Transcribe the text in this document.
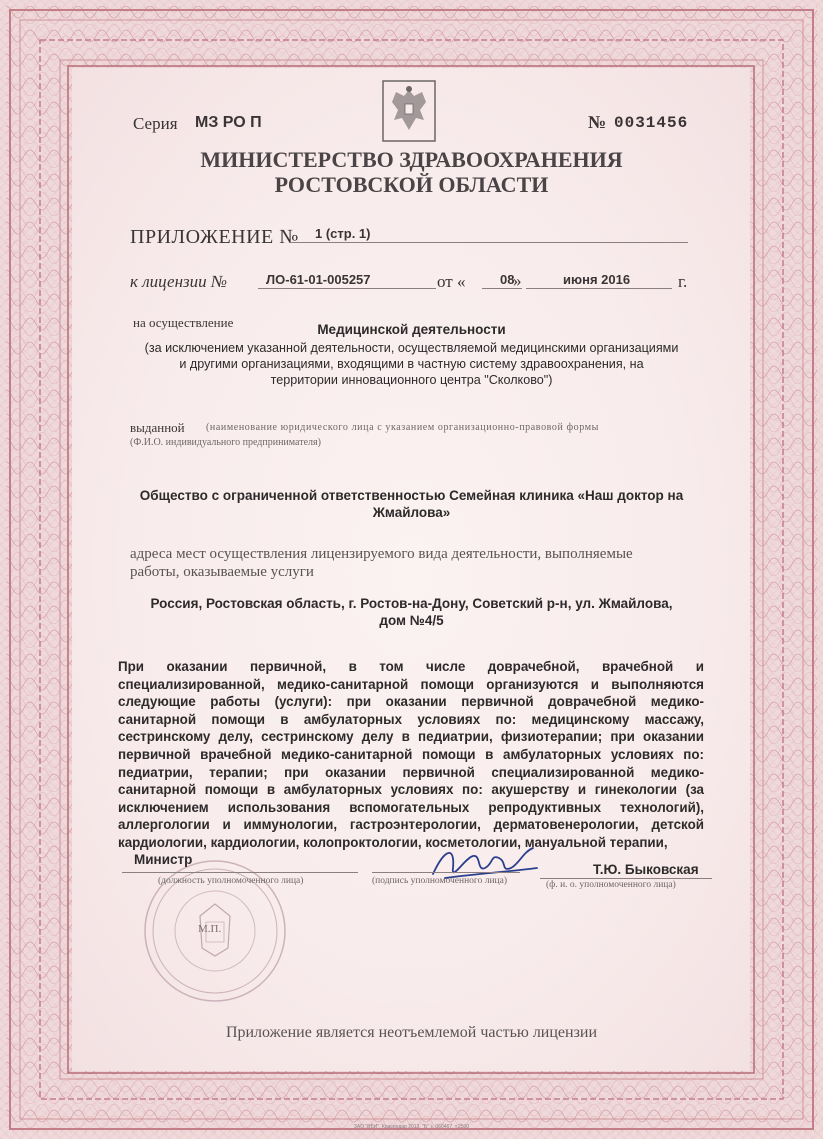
Серия МЗ РО П	№ 0031456
МИНИСТЕРСТВО ЗДРАВООХРАНЕНИЯ
РОСТОВСКОЙ ОБЛАСТИ
ПРИЛОЖЕНИЕ № 1 (стр. 1)
к лицензии №	ЛО-61-01-005257	от «	08
»	июня 2016	г.
на осуществление	Медицинской деятельности
(за исключением указанной деятельности, осуществляемой медицинскими организациями
и другими организациями, входящими в частную систему здравоохранения, на
территории инновационного центра "Сколково")
выданной (наименование юридического лица с указанием организационно-правовой формы
(Ф.И.О. индивидуального предпринимателя)
Общество с ограниченной ответственностью Семейная клиника «Наш доктор на
Жмайлова»
адреса мест осуществления лицензируемого вида деятельности, выполняемые
работы, оказываемые услуги
Россия, Ростовская область, г. Ростов-на-Дону, Советский р-н, ул. Жмайлова,
дом №4/5
При оказании первичной, в том числе доврачебной, врачебной и специализированной, медико-санитарной помощи организуются и выполняются следующие работы (услуги): при оказании первичной доврачебной медико-санитарной помощи в амбулаторных условиях по: медицинскому массажу, сестринскому делу, сестринскому делу в педиатрии, физиотерапии; при оказании первичной врачебной медико-санитарной помощи в амбулаторных условиях по: педиатрии, терапии; при оказании первичной специализированной медико-санитарной помощи в амбулаторных условиях по: акушерству и гинекологии (за исключением использования вспомогательных репродуктивных технологий), аллергологии и иммунологии, гастроэнтерологии, дерматовенерологии, детской кардиологии, кардиологии, колопроктологии, косметологии, мануальной терапии,
М.П.
Министр
(должность уполномоченного лица)	(подпись уполномоченного лица)
Т.Ю. Быковская
(ф. и. о. уполномоченного лица)
Приложение является неотъемлемой частью лицензии
ЗАО "ВБИ", Краснодар 2013, "Б" з. 060467, т.2500
